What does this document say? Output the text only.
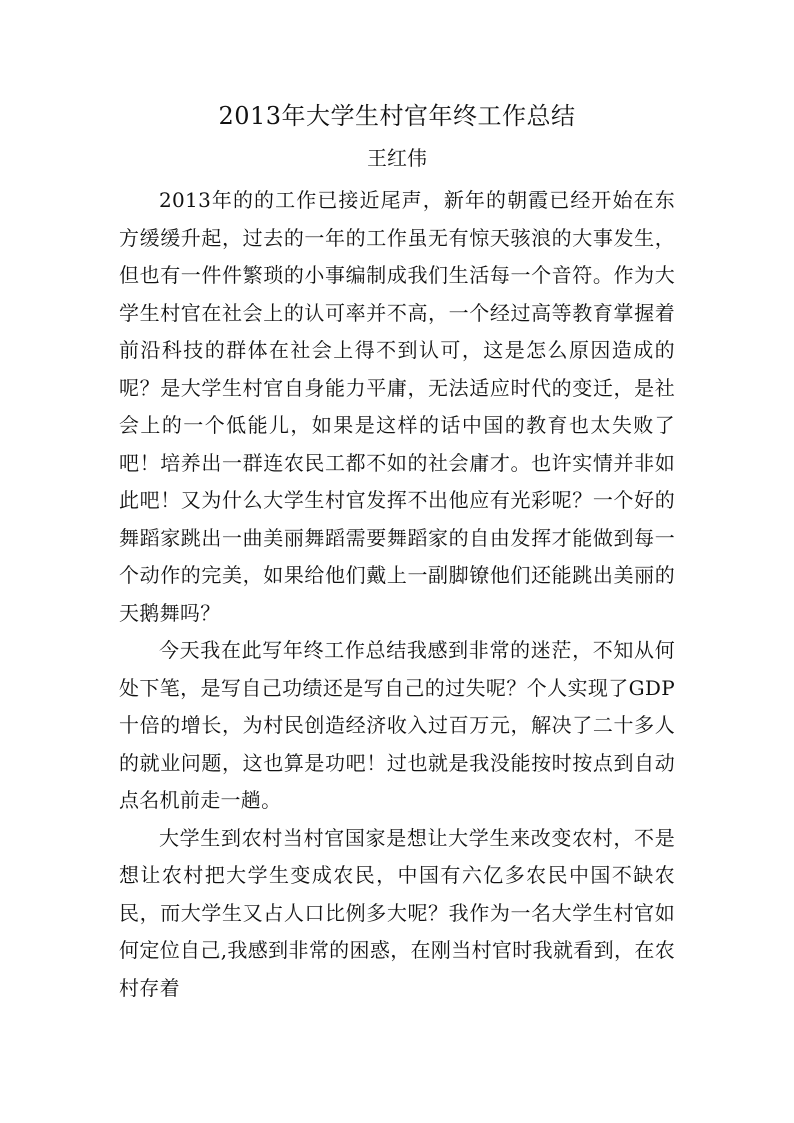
2013年大学生村官年终工作总结
王红伟

2013年的的工作已接近尾声，新年的朝霞已经开始在东方缓缓升起，过去的一年的工作虽无有惊天骇浪的大事发生，但也有一件件繁琐的小事编制成我们生活每一个音符。作为大学生村官在社会上的认可率并不高，一个经过高等教育掌握着前沿科技的群体在社会上得不到认可，这是怎么原因造成的呢？是大学生村官自身能力平庸，无法适应时代的变迁，是社会上的一个低能儿，如果是这样的话中国的教育也太失败了吧！培养出一群连农民工都不如的社会庸才。也许实情并非如此吧！又为什么大学生村官发挥不出他应有光彩呢？一个好的舞蹈家跳出一曲美丽舞蹈需要舞蹈家的自由发挥才能做到每一个动作的完美，如果给他们戴上一副脚镣他们还能跳出美丽的天鹅舞吗？

今天我在此写年终工作总结我感到非常的迷茫，不知从何处下笔，是写自己功绩还是写自己的过失呢？个人实现了GDP十倍的增长，为村民创造经济收入过百万元，解决了二十多人的就业问题，这也算是功吧！过也就是我没能按时按点到自动点名机前走一趟。

大学生到农村当村官国家是想让大学生来改变农村，不是想让农村把大学生变成农民，中国有六亿多农民中国不缺农民，而大学生又占人口比例多大呢？我作为一名大学生村官如何定位自己,我感到非常的困惑，在刚当村官时我就看到，在农村存着
